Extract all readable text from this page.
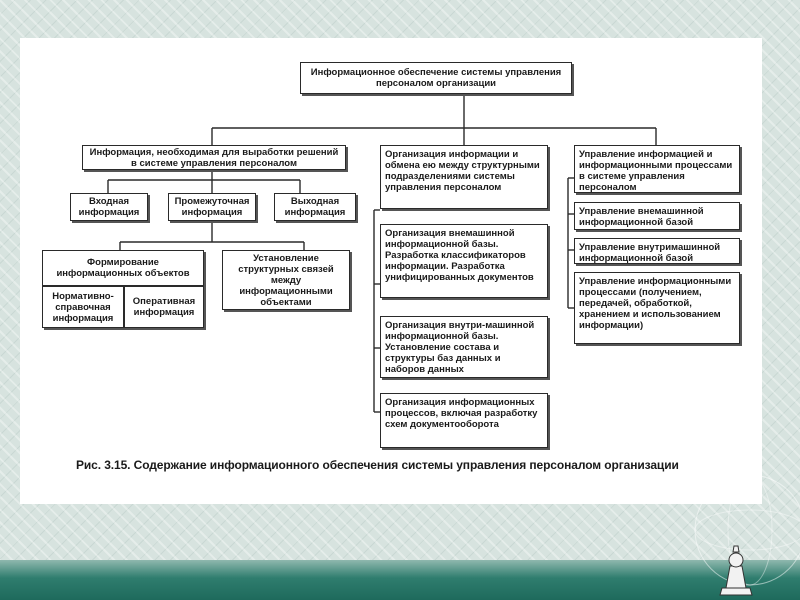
Информационное обеспечение системы управления персоналом организации
Информация, необходимая для выработки решений в системе управления персоналом
Входная информация
Промежуточная информация
Выходная информация
Формирование информационных объектов
Нормативно-справочная информация
Оперативная информация
Установление структурных связей между информационными объектами
Организация информации и обмена ею между структурными подразделениями системы управления персоналом
Организация внемашинной информационной базы. Разработка классификаторов информации. Разработка унифицированных документов
Организация внутри-машинной информационной базы. Установление состава и структуры баз данных и наборов данных
Организация информационных процессов, включая разработку схем документооборота
Управление информацией и информационными процессами в системе управления персоналом
Управление внемашинной информационной базой
Управление внутримашинной информационной базой
Управление информационными процессами (получением, передачей, обработкой, хранением и использованием информации)
Рис. 3.15. Содержание информационного обеспечения системы управления персоналом организации
